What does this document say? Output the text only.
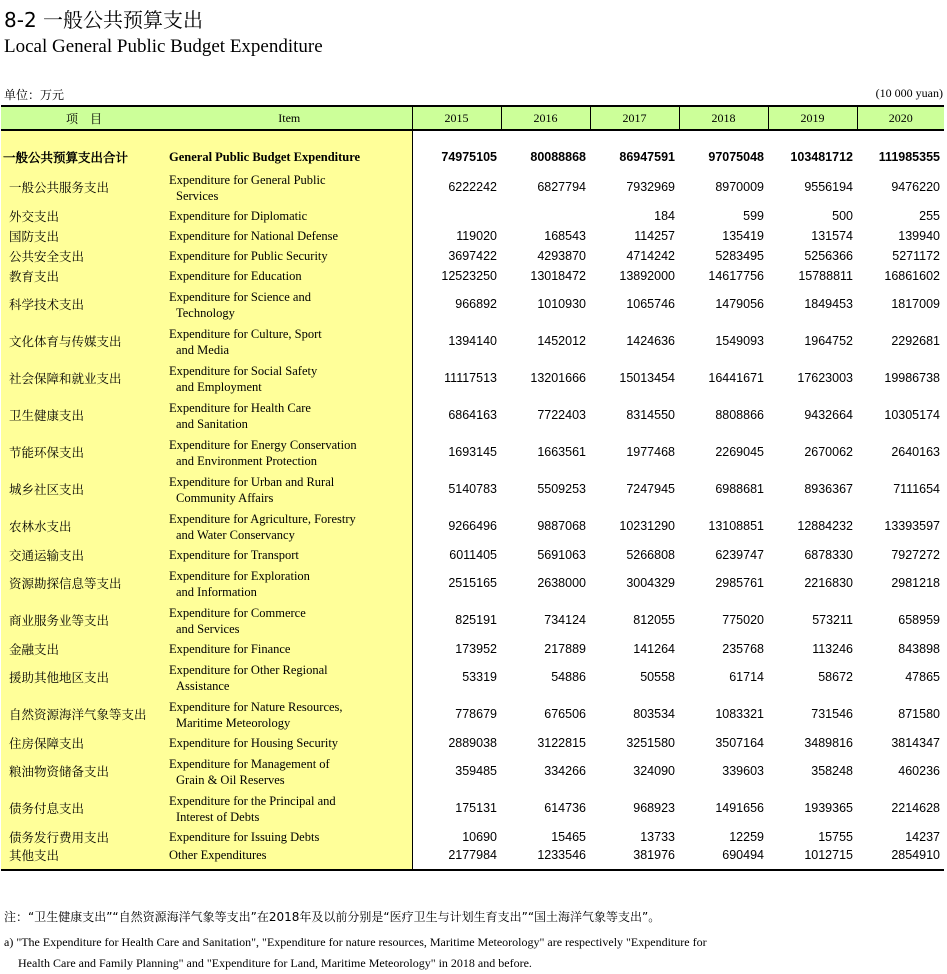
8-2 一般公共预算支出
Local General Public Budget Expenditure
单位：万元	(10 000 yuan)
项　目	Item	2015	2016	2017	2018	2019	2020

一般公共预算支出合计	General Public Budget Expenditure	74975105	80088868	86947591	97075048	103481712	111985355
一般公共服务支出	Expenditure for General Public
Services	6222242	6827794	7932969	8970009	9556194	9476220
外交支出	Expenditure for Diplomatic			184	599	500	255
国防支出	Expenditure for National Defense	119020	168543	114257	135419	131574	139940
公共安全支出	Expenditure for Public Security	3697422	4293870	4714242	5283495	5256366	5271172
教育支出	Expenditure for Education	12523250	13018472	13892000	14617756	15788811	16861602
科学技术支出	Expenditure for Science and
Technology	966892	1010930	1065746	1479056	1849453	1817009
文化体育与传媒支出	Expenditure for Culture, Sport
and Media	1394140	1452012	1424636	1549093	1964752	2292681
社会保障和就业支出	Expenditure for Social Safety
and Employment	11117513	13201666	15013454	16441671	17623003	19986738
卫生健康支出	Expenditure for Health Care
and Sanitation	6864163	7722403	8314550	8808866	9432664	10305174
节能环保支出	Expenditure for Energy Conservation
and Environment Protection	1693145	1663561	1977468	2269045	2670062	2640163
城乡社区支出	Expenditure for Urban and Rural
Community Affairs	5140783	5509253	7247945	6988681	8936367	7111654
农林水支出	Expenditure for Agriculture, Forestry
and Water Conservancy	9266496	9887068	10231290	13108851	12884232	13393597
交通运输支出	Expenditure for Transport	6011405	5691063	5266808	6239747	6878330	7927272
资源勘探信息等支出	Expenditure for Exploration
and Information	2515165	2638000	3004329	2985761	2216830	2981218
商业服务业等支出	Expenditure for Commerce
and Services	825191	734124	812055	775020	573211	658959
金融支出	Expenditure for Finance	173952	217889	141264	235768	113246	843898
援助其他地区支出	Expenditure for Other Regional
Assistance	53319	54886	50558	61714	58672	47865
自然资源海洋气象等支出	Expenditure for Nature Resources,
Maritime Meteorology	778679	676506	803534	1083321	731546	871580
住房保障支出	Expenditure for Housing Security	2889038	3122815	3251580	3507164	3489816	3814347
粮油物资储备支出	Expenditure for Management of
Grain & Oil Reserves	359485	334266	324090	339603	358248	460236
债务付息支出	Expenditure for the Principal and
Interest of Debts	175131	614736	968923	1491656	1939365	2214628
债务发行费用支出	Expenditure for Issuing Debts	10690	15465	13733	12259	15755	14237
其他支出	Other Expenditures	2177984	1233546	381976	690494	1012715	2854910
注：“卫生健康支出”“自然资源海洋气象等支出”在2018年及以前分别是“医疗卫生与计划生育支出”“国土海洋气象等支出”。
a) "The Expenditure for Health Care and Sanitation", "Expenditure for nature resources, Maritime Meteorology" are respectively "Expenditure for
Health Care and Family Planning" and "Expenditure for Land, Maritime Meteorology" in 2018 and before.
